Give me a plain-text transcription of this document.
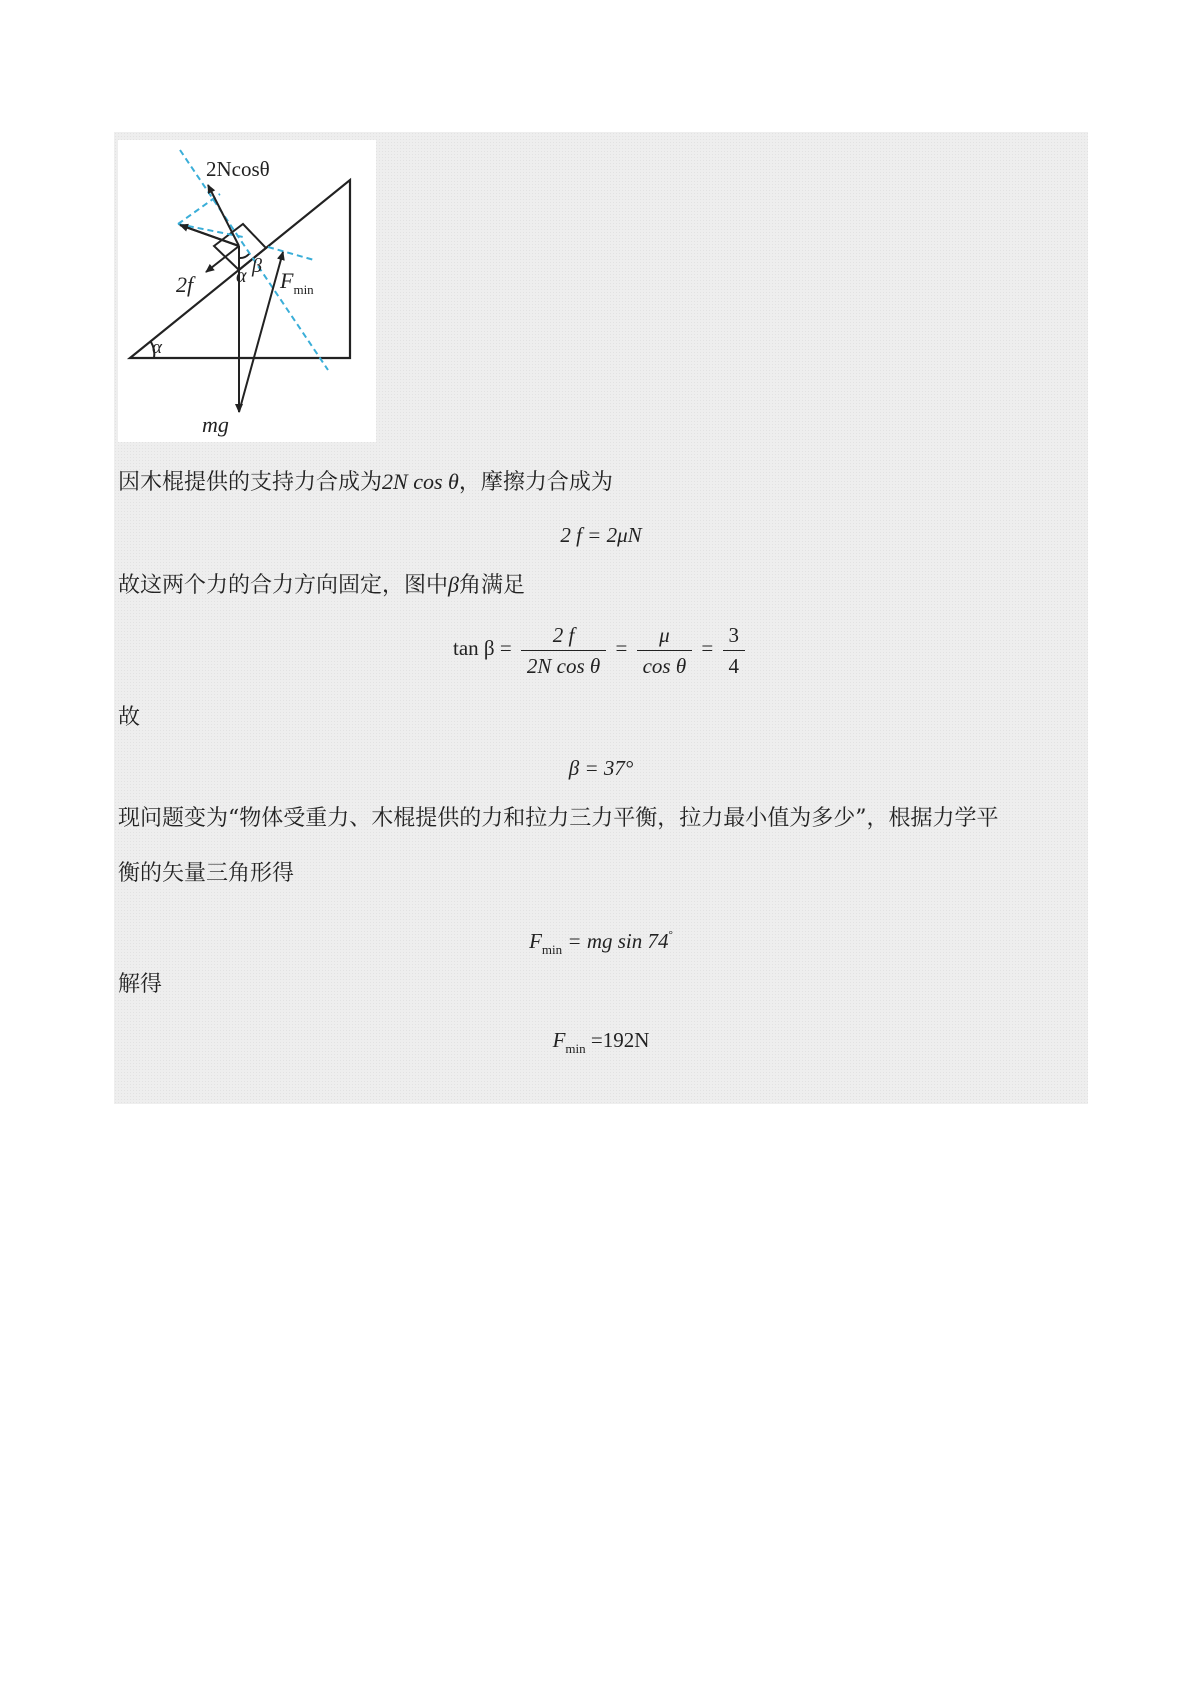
2Ncosθ
2f α β
$F_{min}$
α
mg
因木棍提供的支持力合成为2N cos θ，摩擦力合成为
2 f = 2μN
故这两个力的合力方向固定，图中β角满足
$\tan \beta = \frac{2 f}{\text{2N cos θ}} = \frac{\mu}{\text{cos θ}} = \frac{3}{4}$
故
β = 37°
现问题变为“物体受重力、木棍提供的力和拉力三力平衡，拉力最小值为多少”，根据力学平
衡的矢量三角形得
$F_{min}$ = mg sin 74°
解得
$F_{min} =192N$
